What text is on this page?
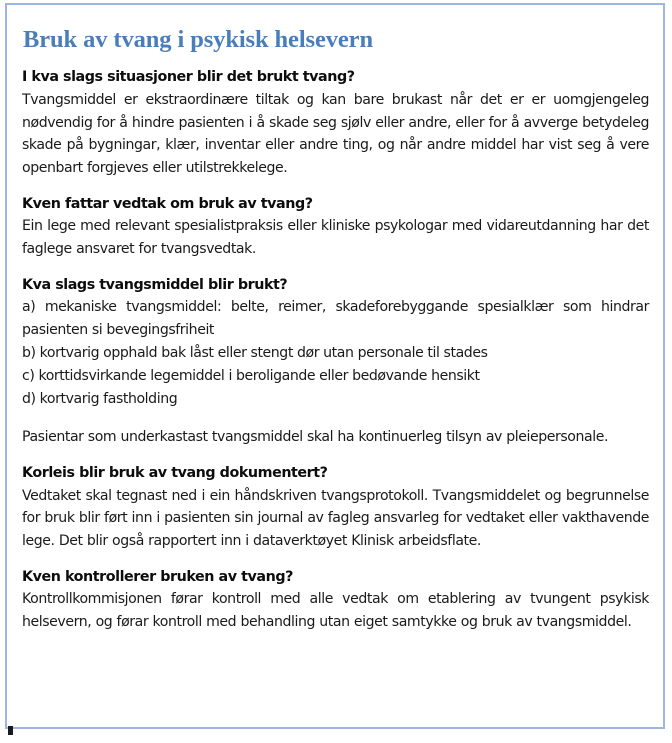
Bruk av tvang i psykisk helsevern
I kva slags situasjoner blir det brukt tvang?

Tvangsmiddel er ekstraordinære tiltak og kan bare brukast når det er er uomgjengeleg nødvendig for å hindre pasienten i å skade seg sjølv eller andre, eller for å avverge betydeleg skade på bygningar, klær, inventar eller andre ting, og når andre middel har vist seg å vere openbart forgjeves eller utilstrekkelege.

Kven fattar vedtak om bruk av tvang?

Ein lege med relevant spesialistpraksis eller kliniske psykologar med vidareutdanning har det faglege ansvaret for tvangsvedtak.

Kva slags tvangsmiddel blir brukt?
a) mekaniske tvangsmiddel: belte, reimer, skadeforebyggande spesialklær som hindrar pasienten si bevegingsfriheit
b) kortvarig opphald bak låst eller stengt dør utan personale til stades
c) korttidsvirkande legemiddel i beroligande eller bedøvande hensikt
d) kortvarig fastholding

Pasientar som underkastast tvangsmiddel skal ha kontinuerleg tilsyn av pleiepersonale.

Korleis blir bruk av tvang dokumentert?

Vedtaket skal tegnast ned i ein håndskriven tvangsprotokoll. Tvangsmiddelet og begrunnelse for bruk blir ført inn i pasienten sin journal av fagleg ansvarleg for vedtaket eller vakthavende lege. Det blir også rapportert inn i dataverktøyet Klinisk arbeidsflate.

Kven kontrollerer bruken av tvang?

Kontrollkommisjonen førar kontroll med alle vedtak om etablering av tvungent psykisk helsevern, og førar kontroll med behandling utan eiget samtykke og bruk av tvangsmiddel.
